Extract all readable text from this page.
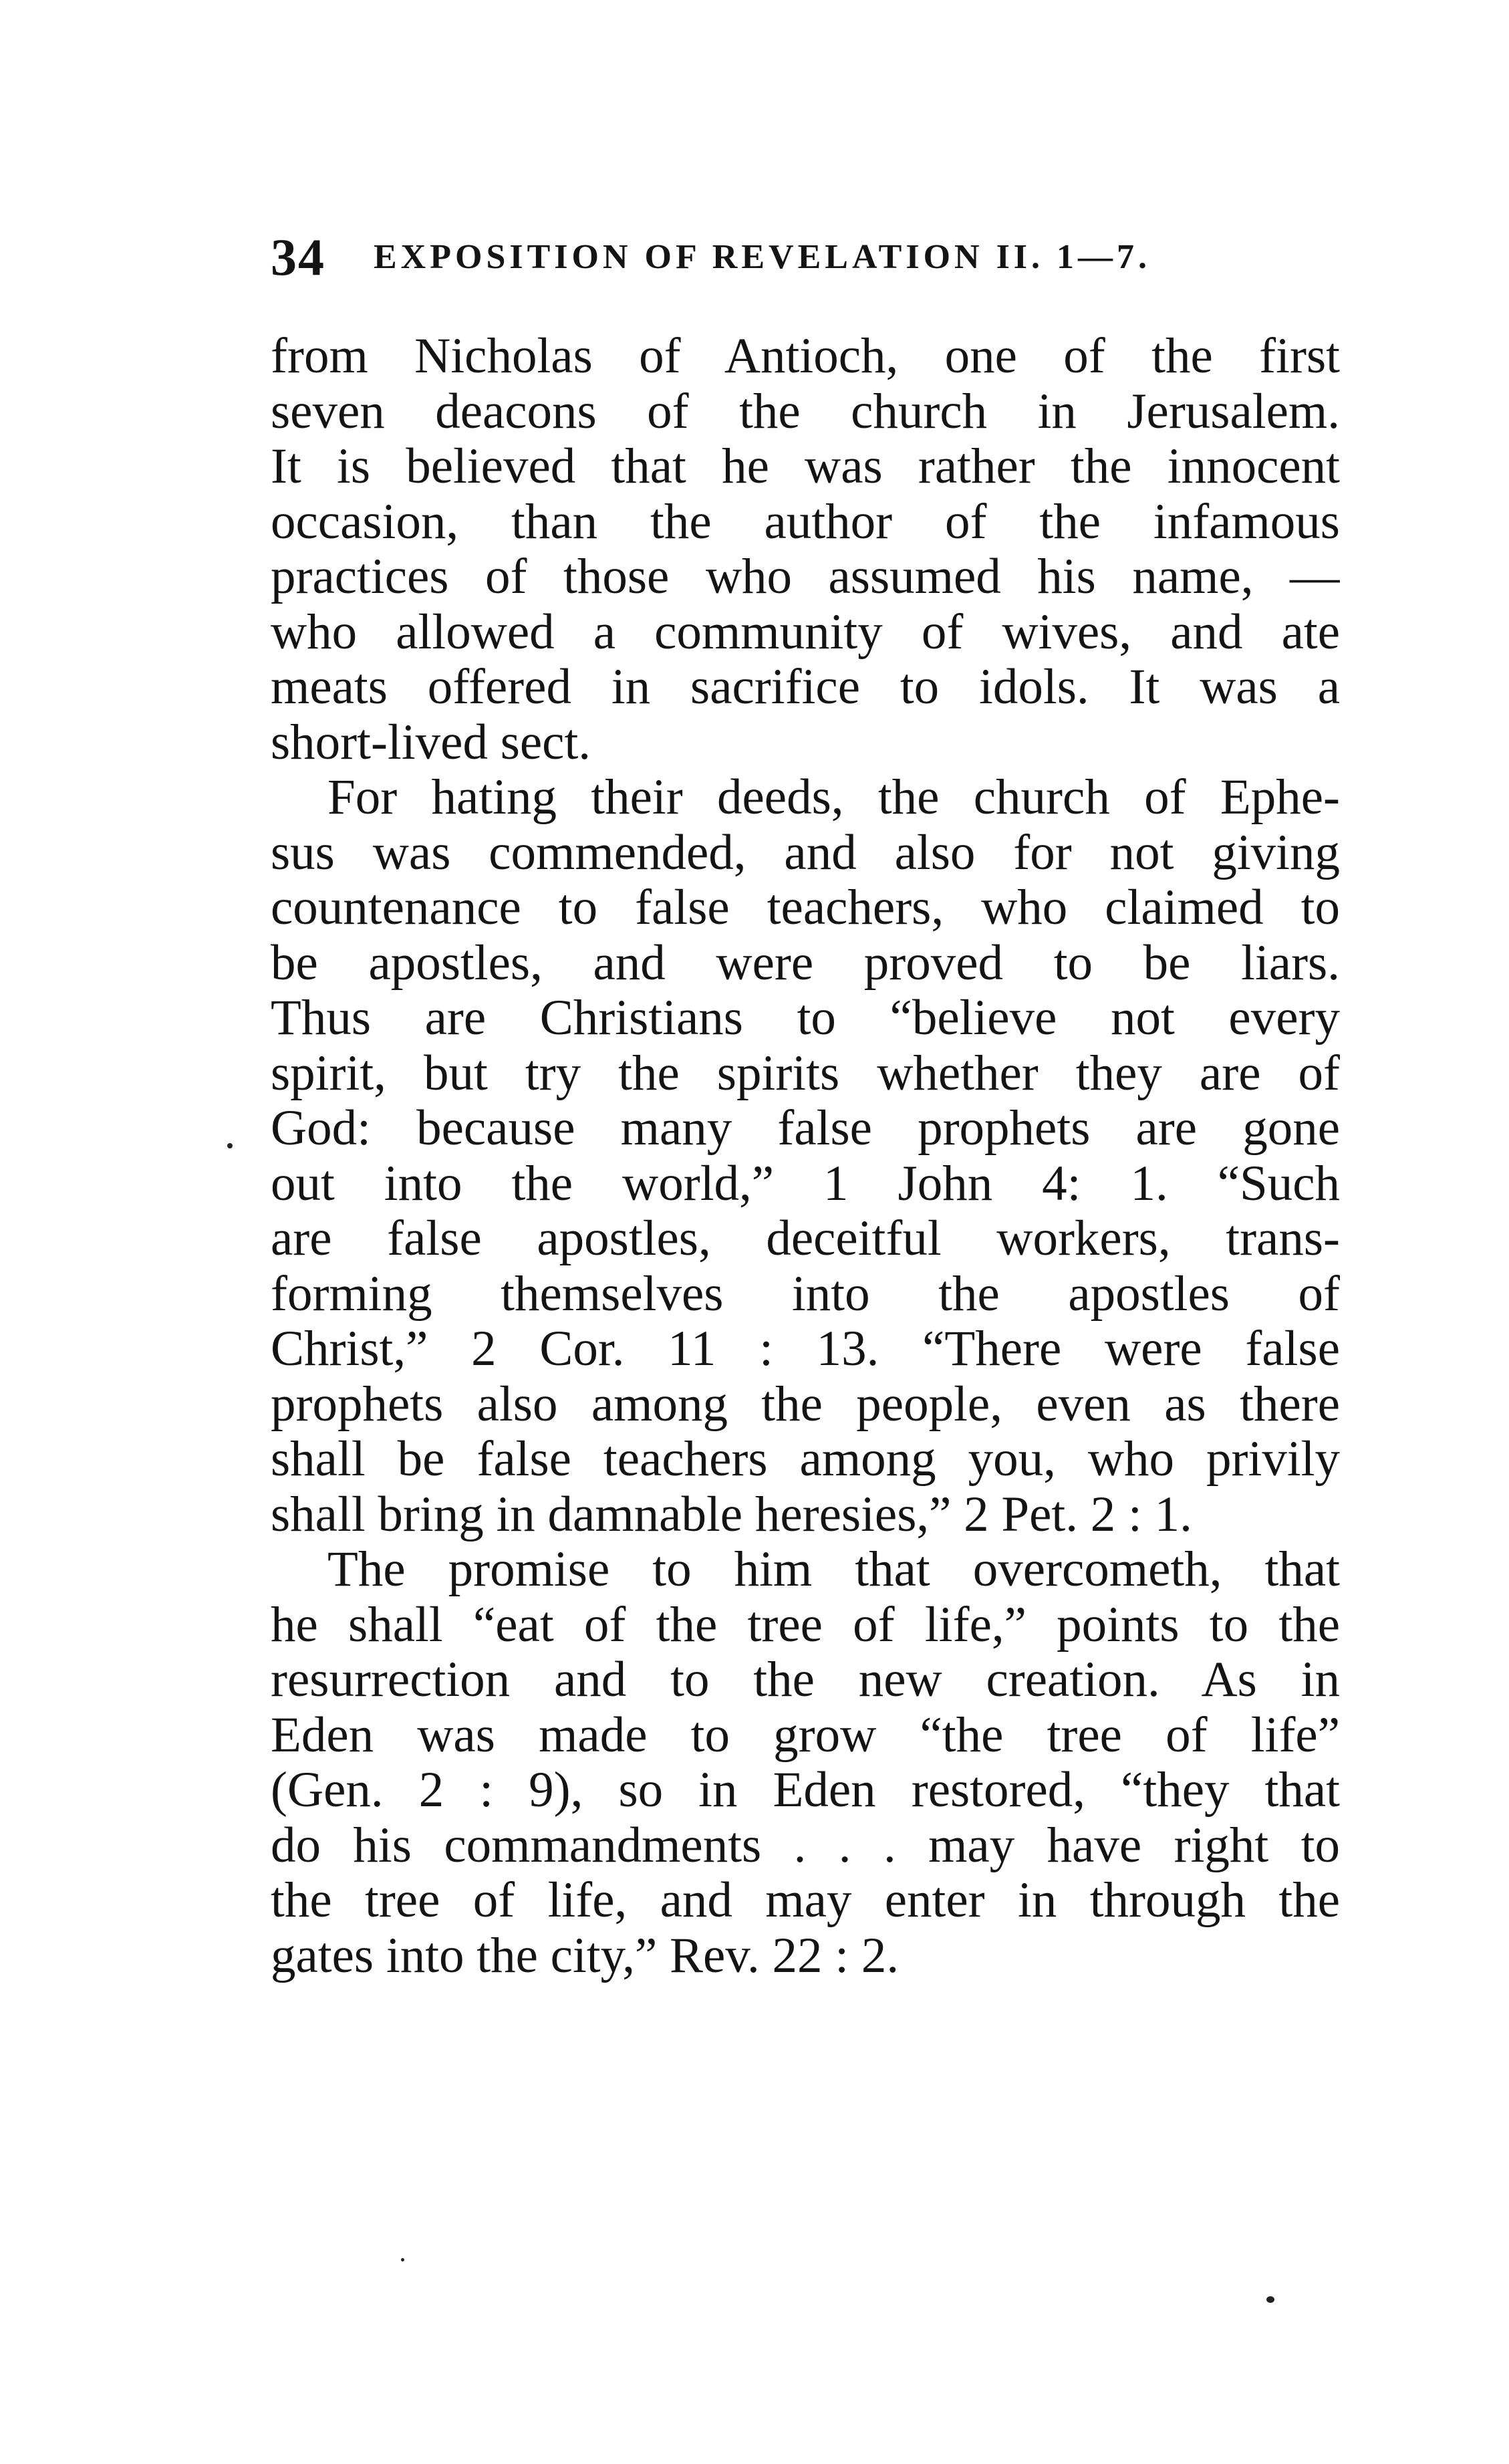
34 EXPOSITION OF REVELATION II. 1—7.
from Nicholas of Antioch, one of the first
seven deacons of the church in Jerusalem.
It is believed that he was rather the innocent
occasion, than the author of the infamous
practices of those who assumed his name, —
who allowed a community of wives, and ate
meats offered in sacrifice to idols. It was a
short-lived sect.
For hating their deeds, the church of Ephe-
sus was commended, and also for not giving
countenance to false teachers, who claimed to
be apostles, and were proved to be liars.
Thus are Christians to “believe not every
spirit, but try the spirits whether they are of
God: because many false prophets are gone
out into the world,” 1 John 4: 1. “Such
are false apostles, deceitful workers, trans-
forming themselves into the apostles of
Christ,” 2 Cor. 11 : 13. “There were false
prophets also among the people, even as there
shall be false teachers among you, who privily
shall bring in damnable heresies,” 2 Pet. 2 : 1.
The promise to him that overcometh, that
he shall “eat of the tree of life,” points to the
resurrection and to the new creation. As in
Eden was made to grow “the tree of life”
(Gen. 2 : 9), so in Eden restored, “they that
do his commandments . . . may have right to
the tree of life, and may enter in through the
gates into the city,” Rev. 22 : 2.
